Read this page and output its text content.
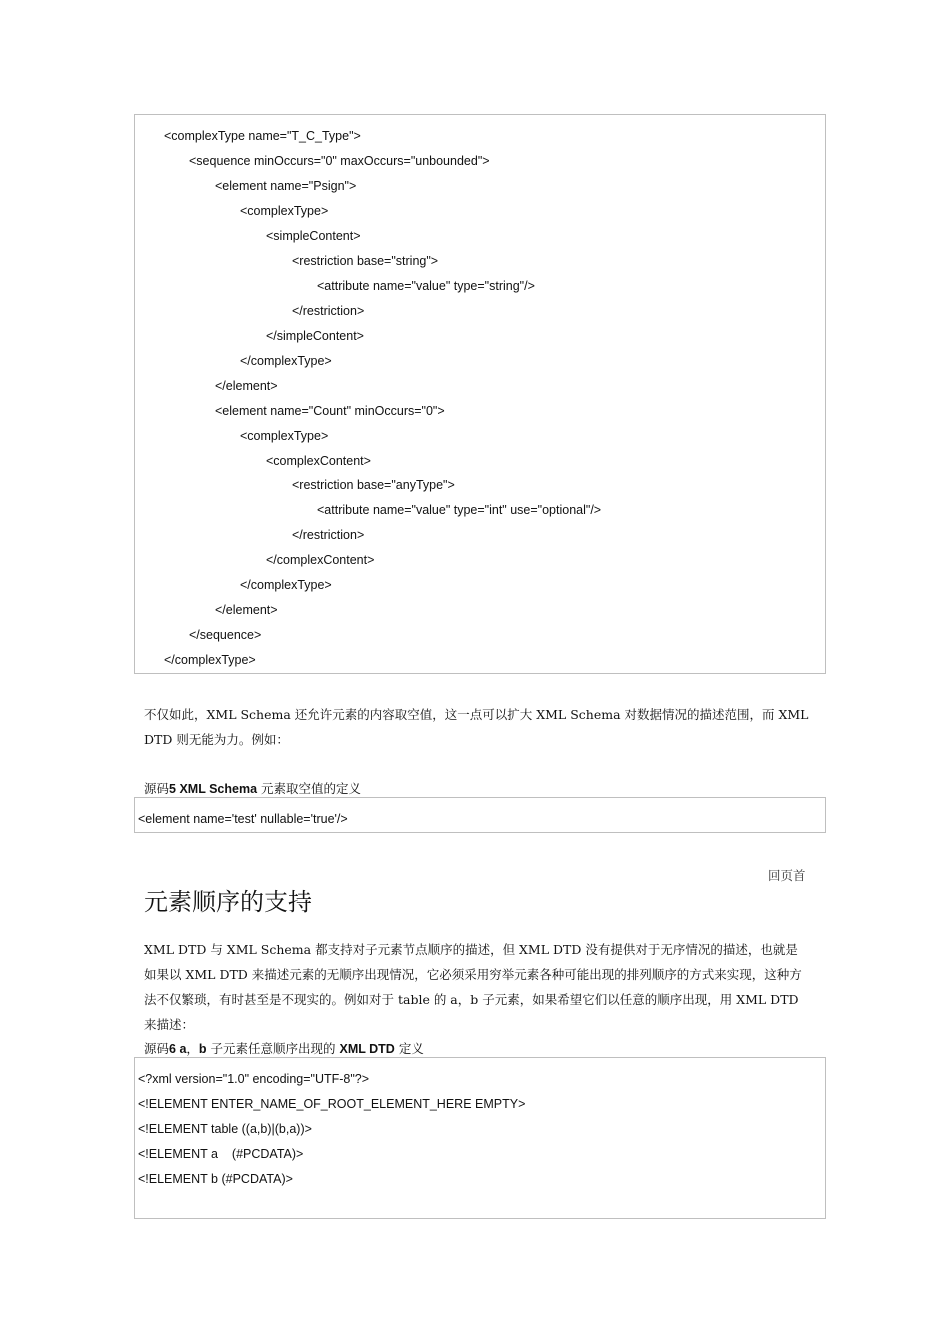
<complexType name="T_C_Type">
<sequence minOccurs="0" maxOccurs="unbounded">
<element name="Psign">
<complexType>
<simpleContent>
<restriction base="string">
<attribute name="value" type="string"/>
</restriction>
</simpleContent>
</complexType>
</element>
<element name="Count" minOccurs="0">
<complexType>
<complexContent>
<restriction base="anyType">
<attribute name="value" type="int" use="optional"/>
</restriction>
</complexContent>
</complexType>
</element>
</sequence>
</complexType>
不仅如此，XML Schema 还允许元素的内容取空值，这一点可以扩大 XML Schema 对数据情况的描述范围，而 XML DTD 则无能为力。例如：
源码5 XML Schema 元素取空值的定义
<element name='test' nullable='true'/>
回页首
元素顺序的支持
XML DTD 与 XML Schema 都支持对子元素节点顺序的描述，但 XML DTD 没有提供对于无序情况的描述，也就是如果以 XML DTD 来描述元素的无顺序出现情况，它必须采用穷举元素各种可能出现的排列顺序的方式来实现，这种方法不仅繁琐，有时甚至是不现实的。例如对于 table 的 a，b 子元素，如果希望它们以任意的顺序出现，用 XML DTD 来描述：
源码6 a，b 子元素任意顺序出现的 XML DTD 定义
<?xml version="1.0" encoding="UTF-8"?>
<!ELEMENT ENTER_NAME_OF_ROOT_ELEMENT_HERE EMPTY>
<!ELEMENT table ((a,b)|(b,a))>
<!ELEMENT a    (#PCDATA)>
<!ELEMENT b (#PCDATA)>
